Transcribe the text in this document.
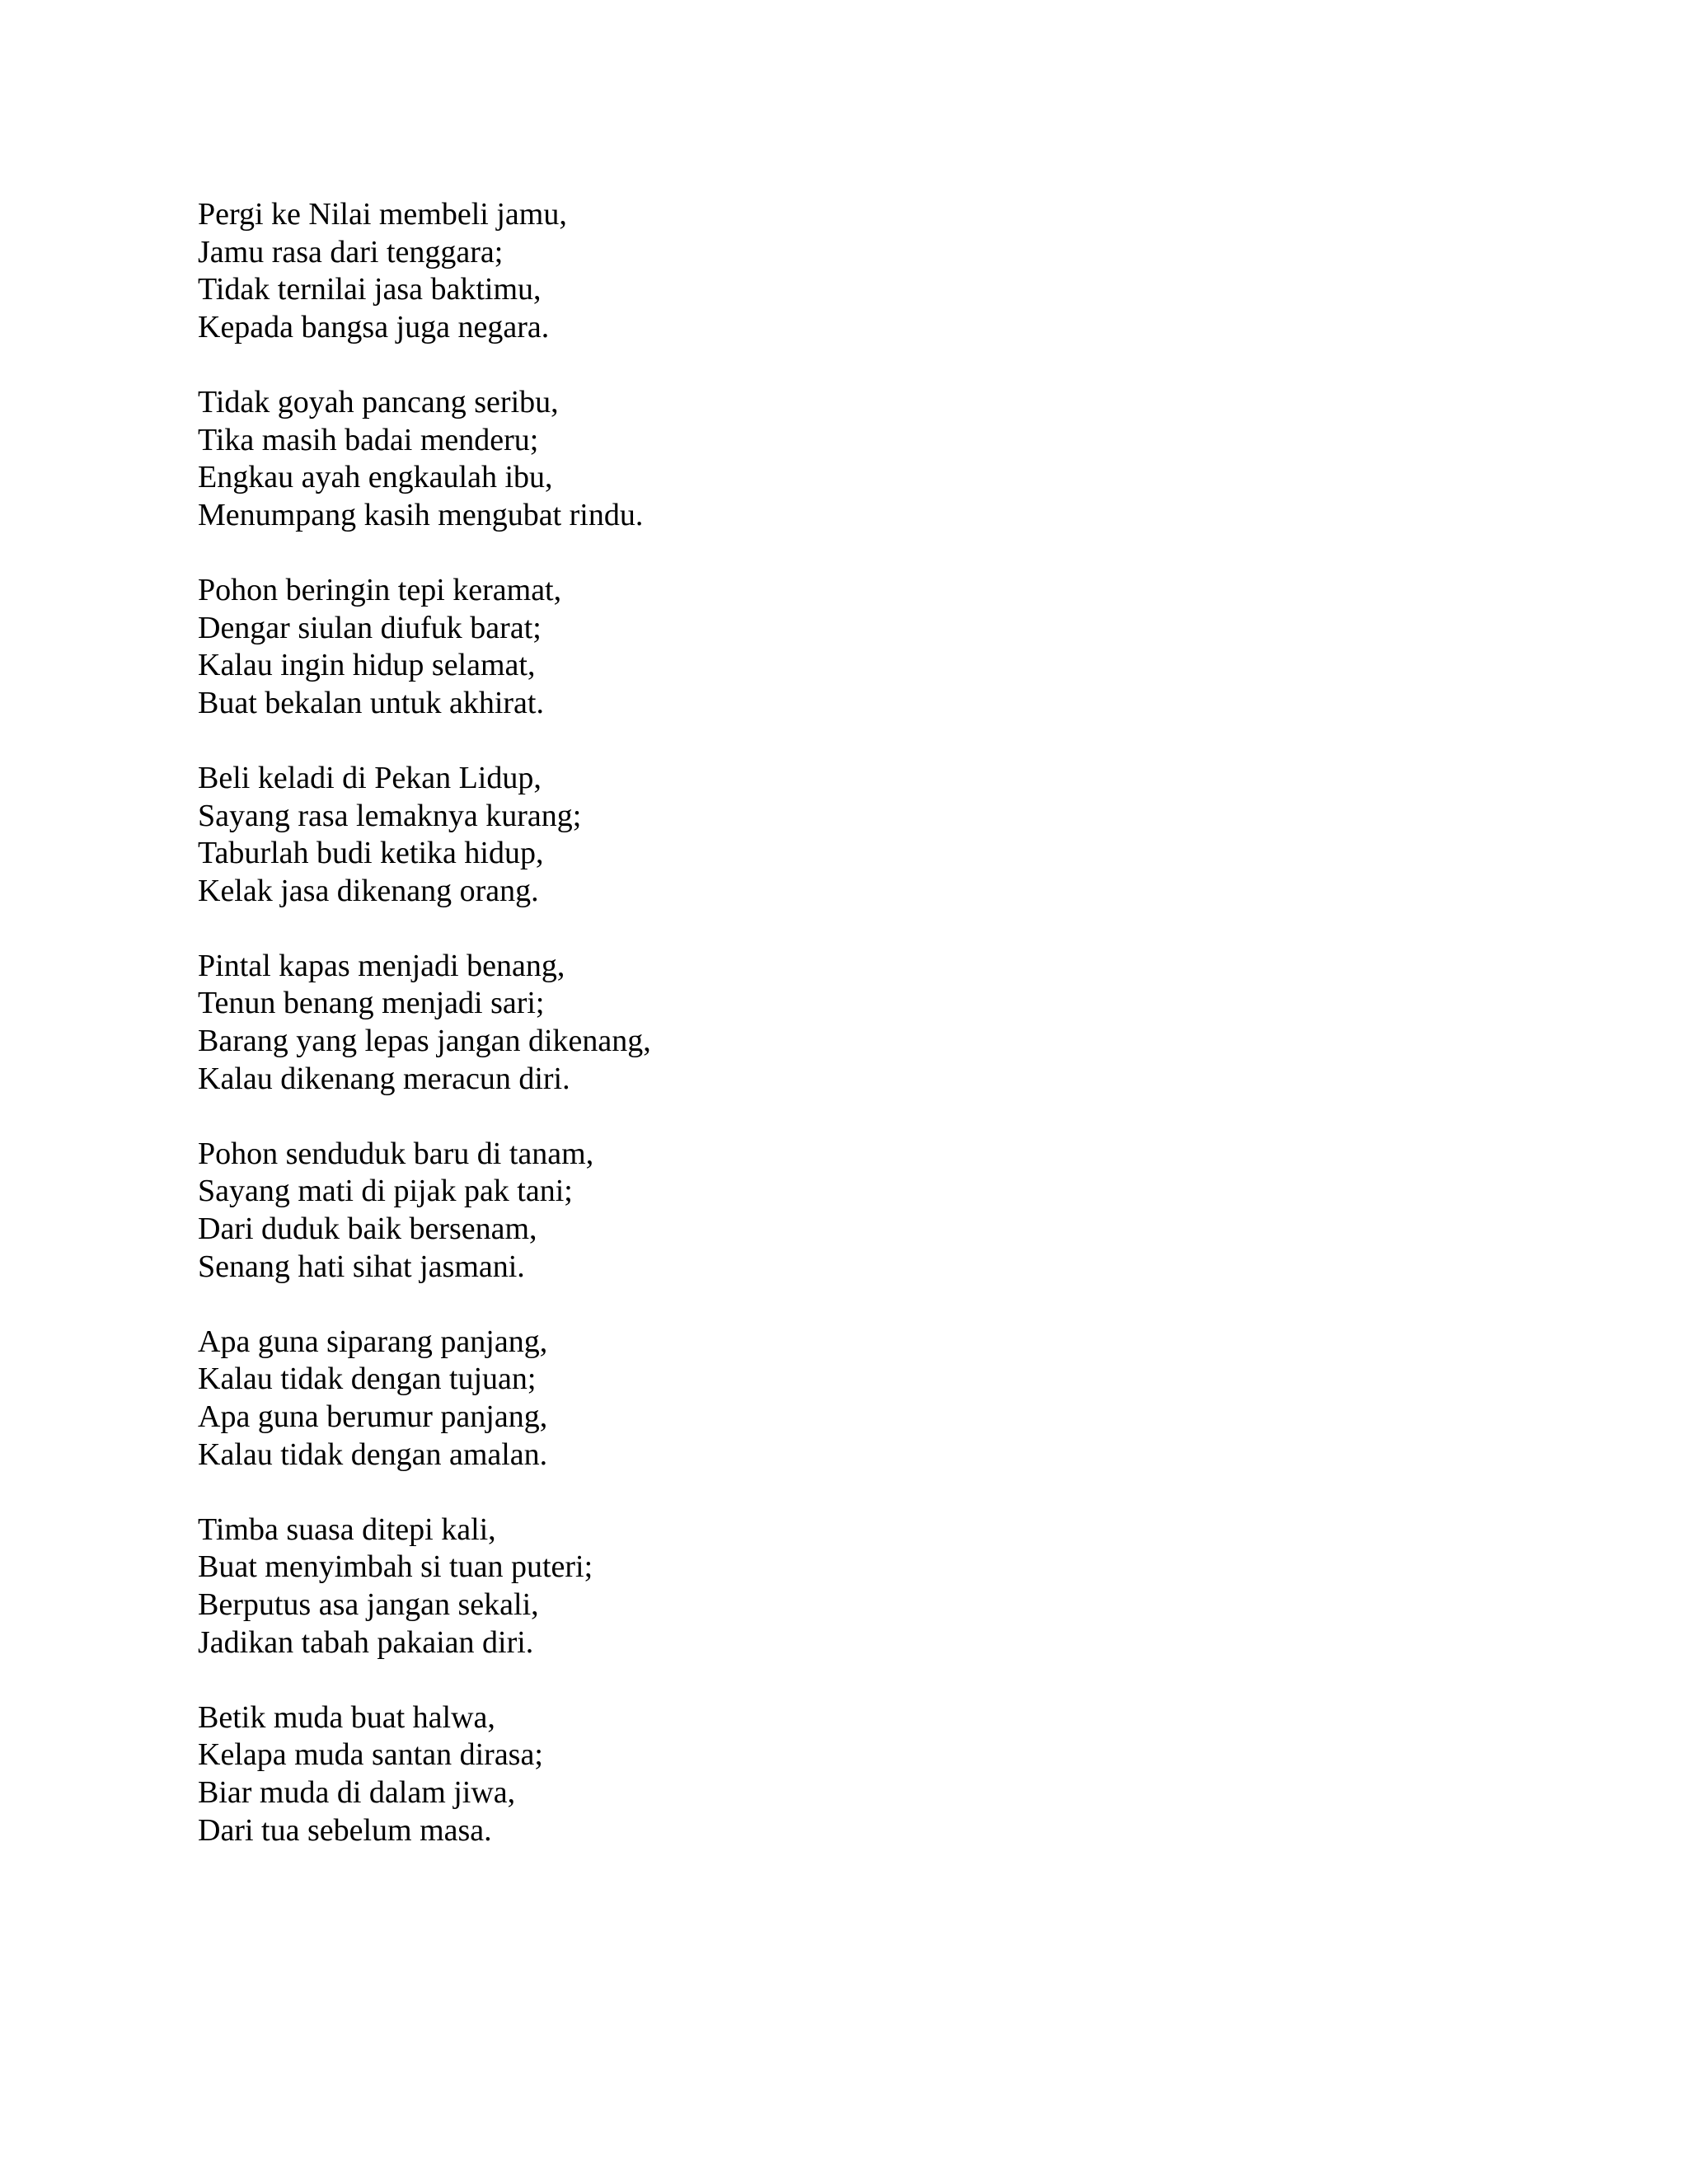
Pergi ke Nilai membeli jamu,
Jamu rasa dari tenggara;
Tidak ternilai jasa baktimu,
Kepada bangsa juga negara.
Tidak goyah pancang seribu,
Tika masih badai menderu;
Engkau ayah engkaulah ibu,
Menumpang kasih mengubat rindu.
Pohon beringin tepi keramat,
Dengar siulan diufuk barat;
Kalau ingin hidup selamat,
Buat bekalan untuk akhirat.
Beli keladi di Pekan Lidup,
Sayang rasa lemaknya kurang;
Taburlah budi ketika hidup,
Kelak jasa dikenang orang.
Pintal kapas menjadi benang,
Tenun benang menjadi sari;
Barang yang lepas jangan dikenang,
Kalau dikenang meracun diri.
Pohon senduduk baru di tanam,
Sayang mati di pijak pak tani;
Dari duduk baik bersenam,
Senang hati sihat jasmani.
Apa guna siparang panjang,
Kalau tidak dengan tujuan;
Apa guna berumur panjang,
Kalau tidak dengan amalan.
Timba suasa ditepi kali,
Buat menyimbah si tuan puteri;
Berputus asa jangan sekali,
Jadikan tabah pakaian diri.
Betik muda buat halwa,
Kelapa muda santan dirasa;
Biar muda di dalam jiwa,
Dari tua sebelum masa.
